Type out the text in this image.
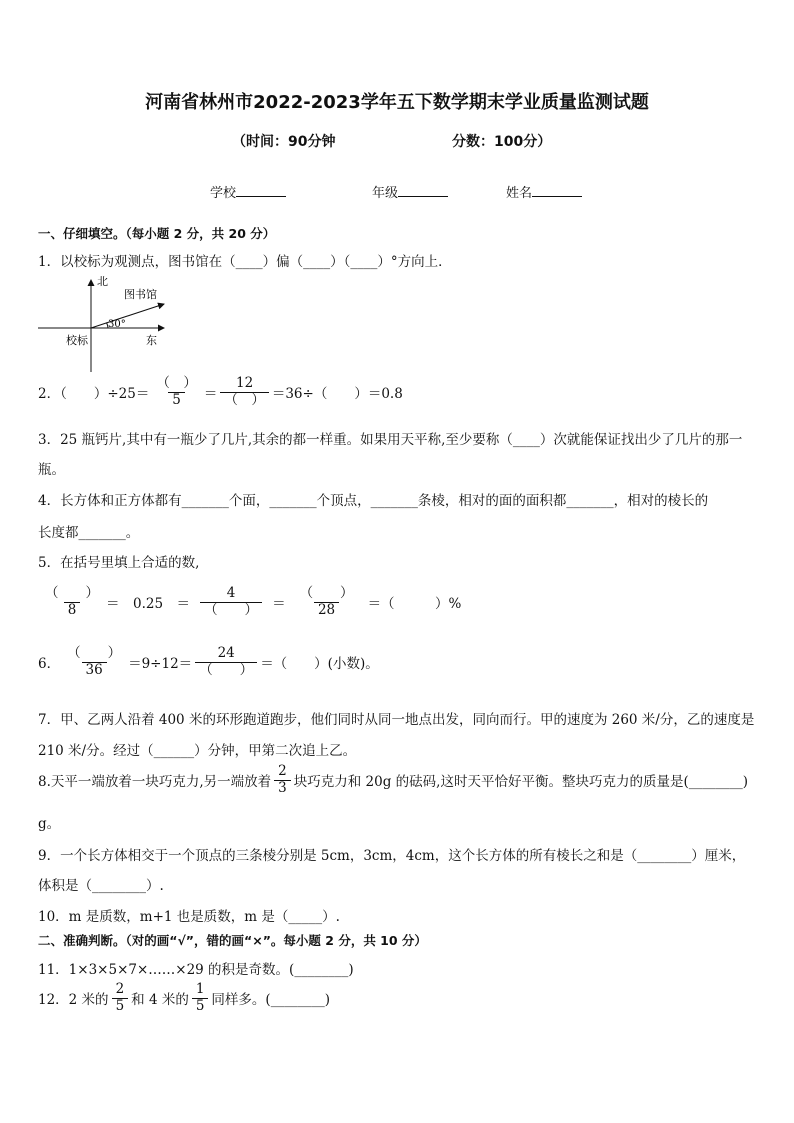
河南省林州市2022-2023学年五下数学期末学业质量监测试题
（时间：90分钟	分数：100分）
学校	年级	姓名
一、仔细填空。（每小题 2 分，共 20 分）
1．以校标为观测点，图书馆在（____）偏（____）（____）°方向上．
北
图书馆
30°
校标	东
2．（　　）$\div 25= \frac{( )}{5} = \frac{12}{( )} =36\div$（　　）＝0.8
3．25 瓶钙片,其中有一瓶少了几片,其余的都一样重。如果用天平称,至少要称（____）次就能保证找出少了几片的那一
瓶。
4．长方体和正方体都有_______个面，_______个顶点，_______条棱，相对的面的面积都_______，相对的棱长的
长度都_______。
5．在括号里填上合适的数,
$\frac{( )}{8}$ ＝　0.25　＝ $\frac{4}{( )} = \frac{( )}{28}$ ＝（　　　）%
6． $\frac{( )}{36} =9\div 12= \frac{24}{( )}$ ＝（　　）(小数)。
7．甲、乙两人沿着 400 米的环形跑道跑步，他们同时从同一地点出发，同向而行。甲的速度为 260 米/分，乙的速度是
210 米/分。经过（______）分钟，甲第二次追上乙。
8.天平一端放着一块巧克力,另一端放着 $\frac{2}{3}$ 块巧克力和 20g 的砝码,这时天平恰好平衡。整块巧克力的质量是(________)
g。
9．一个长方体相交于一个顶点的三条棱分别是 5cm，3cm，4cm，这个长方体的所有棱长之和是（________）厘米，
体积是（________）.
10．m 是质数，m+1 也是质数，m 是（_____）.
二、准确判断。（对的画“√”，错的画“×”。每小题 2 分，共 10 分）
11．1×3×5×7×……×29 的积是奇数。(________)
12．2 米的 $\frac{2}{5}$ 和 4 米的 $\frac{1}{5}$ 同样多。(________)
